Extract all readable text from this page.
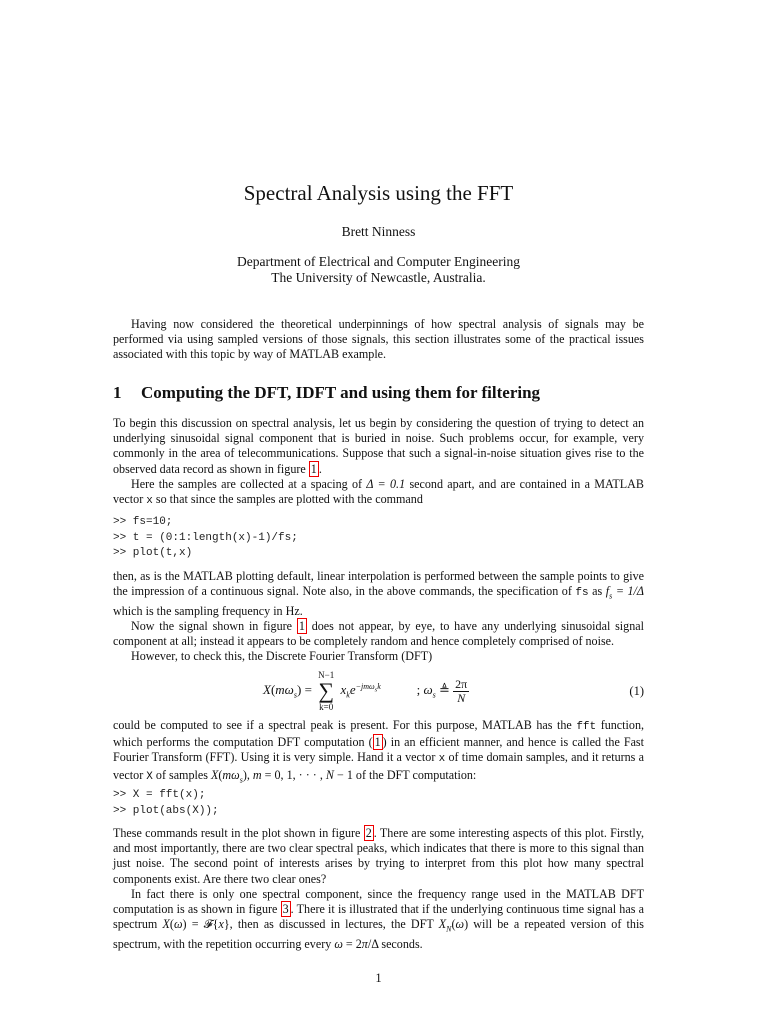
Spectral Analysis using the FFT
Brett Ninness
Department of Electrical and Computer Engineering
The University of Newcastle, Australia.

Having now considered the theoretical underpinnings of how spectral analysis of signals may be performed via using sampled versions of those signals, this section illustrates some of the practical issues associated with this topic by way of MATLAB example.

1 Computing the DFT, IDFT and using them for filtering

To begin this discussion on spectral analysis, let us begin by considering the question of trying to detect an underlying sinusoidal signal component that is buried in noise. Such problems occur, for example, very commonly in the area of telecommunications. Suppose that such a signal-in-noise situation gives rise to the observed data record as shown in figure 1 .

Here the samples are collected at a spacing of Δ = 0.1 second apart, and are contained in a MATLAB vector x so that since the samples are plotted with the command

>> fs=10;
>> t = (0:1:length(x)-1)/fs;
>> plot(t,x)

then, as is the MATLAB plotting default, linear interpolation is performed between the sample points to give the impression of a continuous signal. Note also, in the above commands, the specification of fs as $f_s = 1/\Delta$ which is the sampling frequency in Hz.

Now the signal shown in figure 1 does not appear, by eye, to have any underlying sinusoidal signal component at all; instead it appears to be completely random and hence completely comprised of noise.

However, to check this, the Discrete Fourier Transform (DFT)

$X(m\omega_s) = N-1$
∑
k=0 $x_ke^{-jm\omega_sk}$           ; $\omega_s$ ≜ $\frac{2\pi}{N}$	(1)

could be computed to see if a spectral peak is present. For this purpose, MATLAB has the fft function, which performs the computation DFT computation ( 1 ) in an efficient manner, and hence is called the Fast Fourier Transform (FFT). Using it is very simple. Hand it a vector x of time domain samples, and it returns a vector X of samples $X(m\omega_s)$, m = 0, 1, · · · , N − 1 of the DFT computation:

>> X = fft(x);
>> plot(abs(X));

These commands result in the plot shown in figure 2 . There are some interesting aspects of this plot. Firstly, and most importantly, there are two clear spectral peaks, which indicates that there is more to this signal than just noise. The second point of interests arises by trying to interpret from this plot how many spectral components exist. Are there two clear ones?

In fact there is only one spectral component, since the frequency range used in the MATLAB DFT computation is as shown in figure 3 . There it is illustrated that if the underlying continuous time signal has a spectrum X(ω) = 𝓕{x}, then as discussed in lectures, the DFT $X_N(\omega)$ will be a repeated version of this spectrum, with the repetition occurring every ω = 2π/Δ seconds.

1
